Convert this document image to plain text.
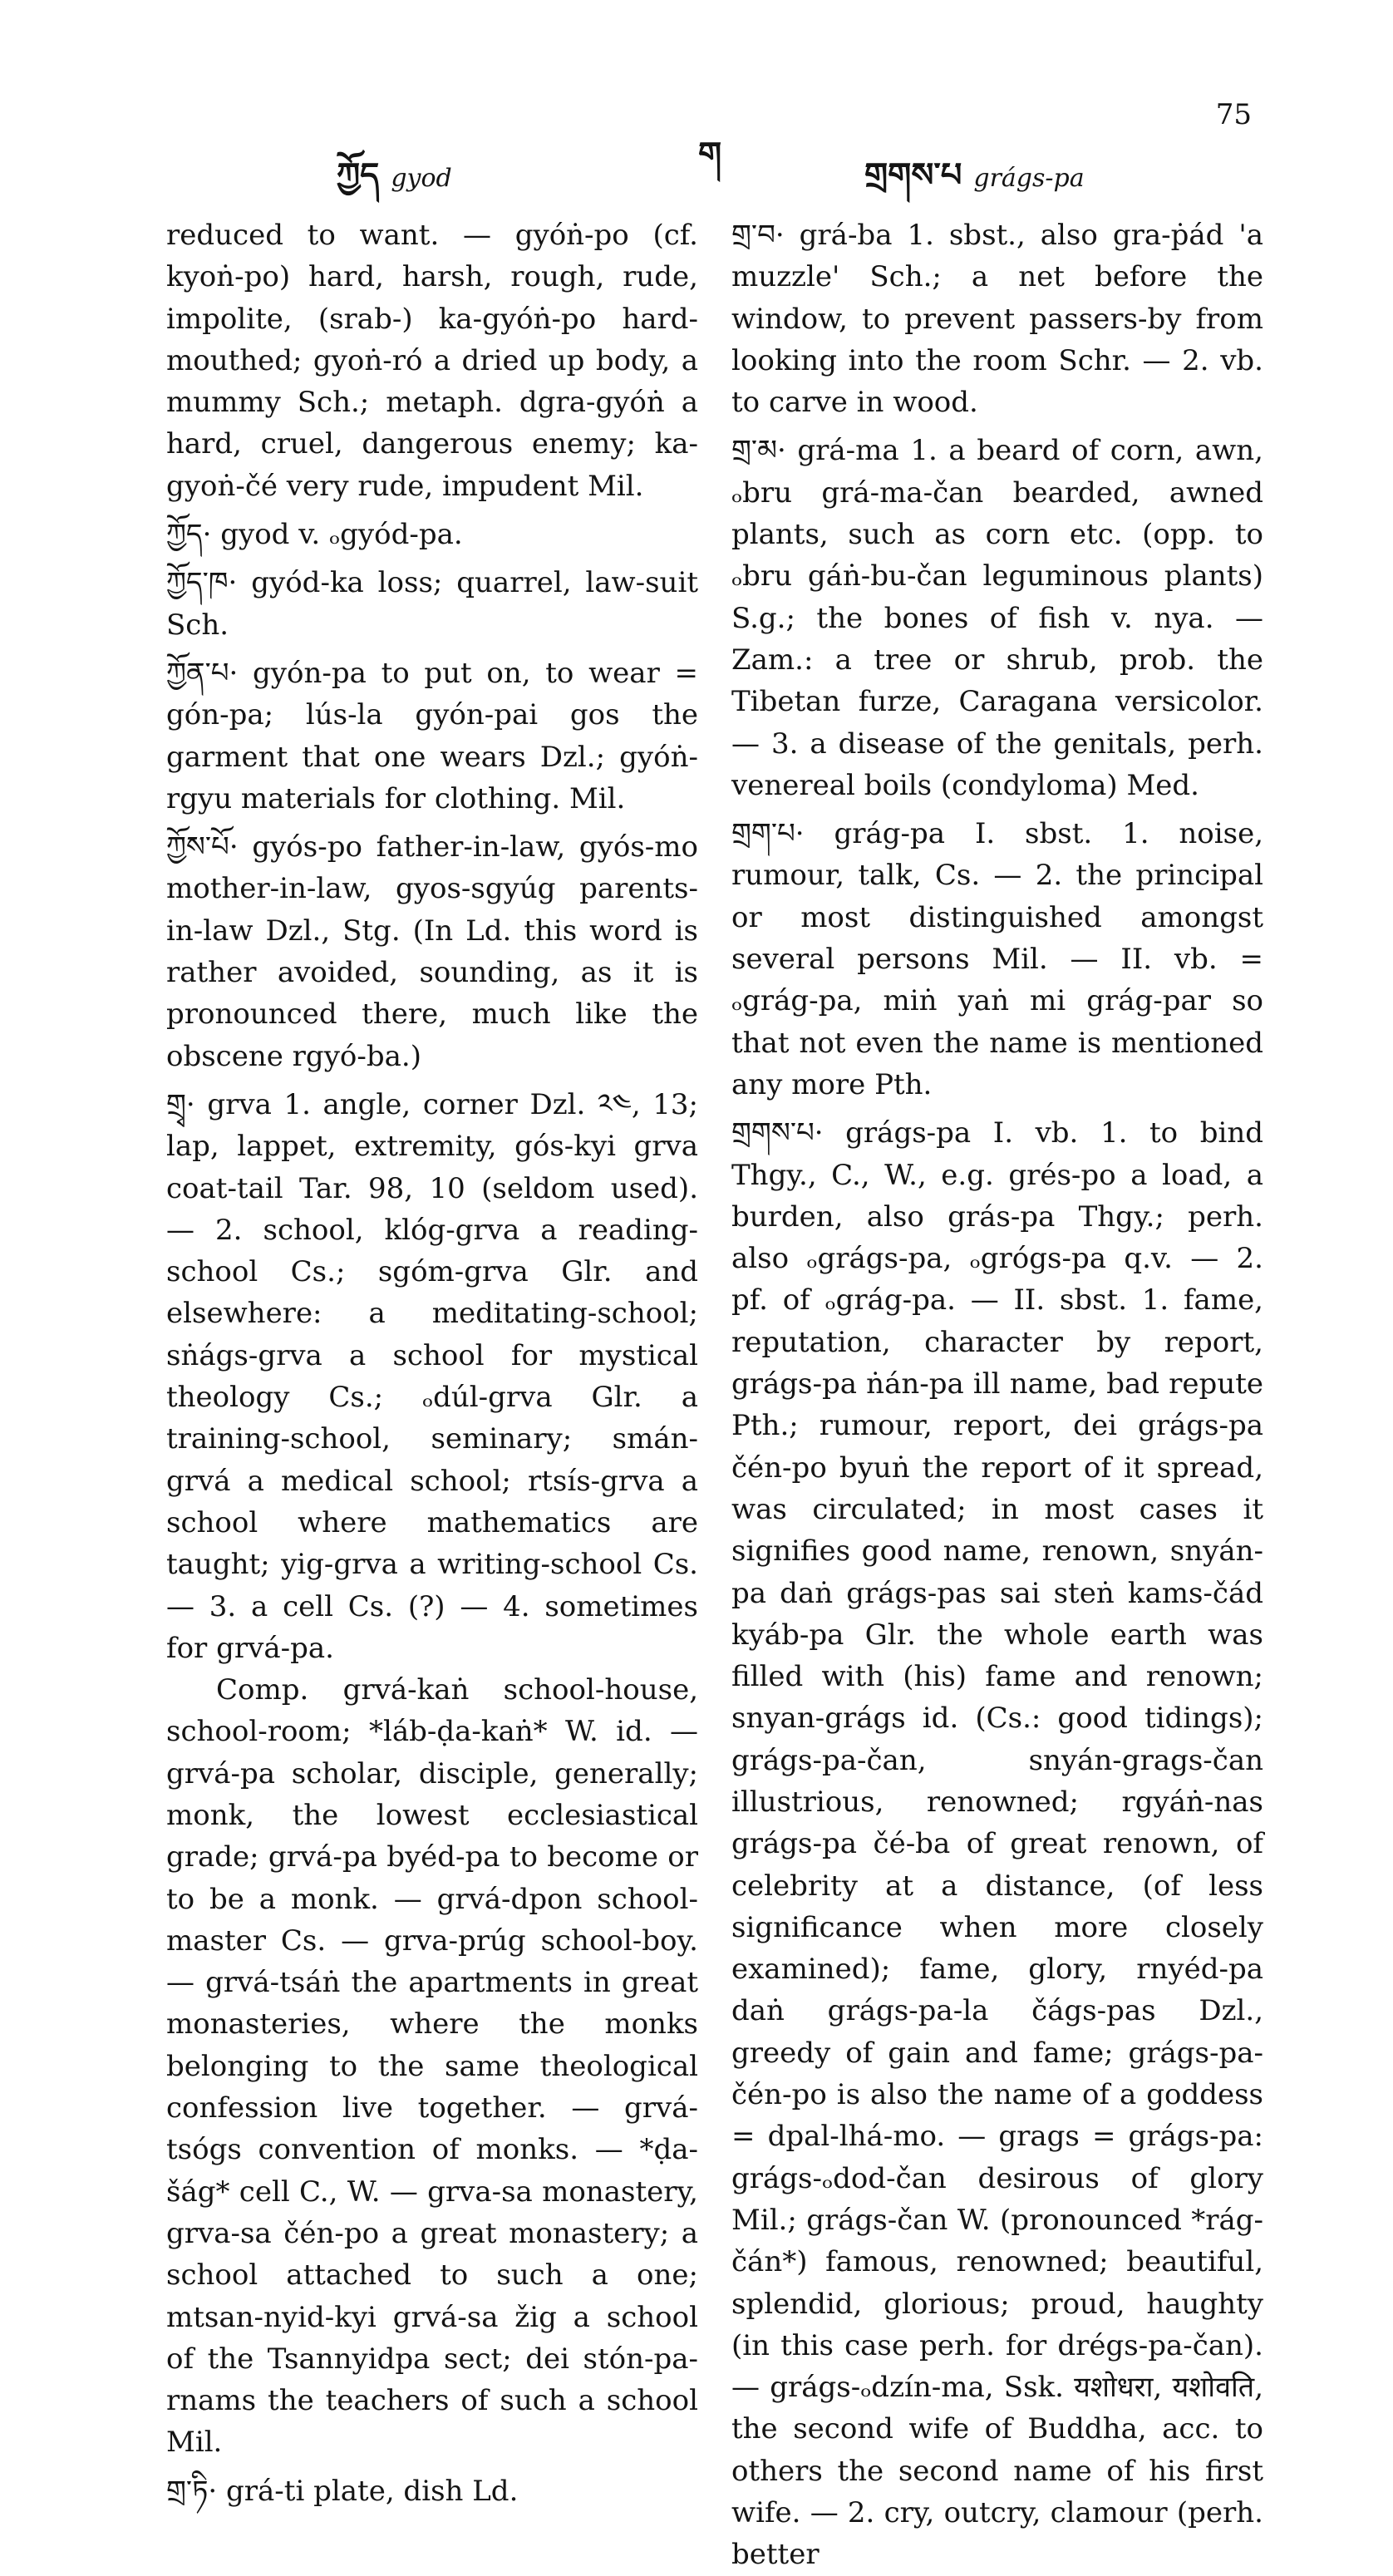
ཀྱོད gyod
ག
གྲགས་པ grágs-pa
75

reduced to want. — gyóṅ-po (cf. kyoṅ-po) hard, harsh, rough, rude, impolite, (srab-) ka-gyóṅ-po hard-mouthed; gyoṅ-ró a dried up body, a mummy Sch.; metaph. dgra-gyóṅ a hard, cruel, dangerous enemy; ka-gyoṅ-čé very rude, impudent Mil.

ཀྱོད· gyod v. ₒgyód-pa.

ཀྱོད་ཁ· gyód-ka loss; quarrel, law-suit Sch.

ཀྱོན་པ· gyón-pa to put on, to wear = gón-pa; lús-la gyón-pai gos the garment that one wears Dzl.; gyóṅ-rgyu materials for clothing. Mil.

ཀྱོས་པོ· gyós-po father-in-law, gyós-mo mother-in-law, gyos-sgyúg parents-in-law Dzl., Stg. (In Ld. this word is rather avoided, sounding, as it is pronounced there, much like the obscene rgyó-ba.)

གྲྭ· grva 1. angle, corner Dzl. ༢༤, 13; lap, lappet, extremity, gós-kyi grva coat-tail Tar. 98, 10 (seldom used). — 2. school, klóg-grva a reading-school Cs.; sgóm-grva Glr. and elsewhere: a meditating-school; sṅágs-grva a school for mystical theology Cs.; ₒdúl-grva Glr. a training-school, seminary; smán-grvá a medical school; rtsís-grva a school where mathematics are taught; yig-grva a writing-school Cs. — 3. a cell Cs. (?) — 4. sometimes for grvá-pa.

Comp. grvá-kaṅ school-house, school-room; *láb-ḍa-kaṅ* W. id. — grvá-pa scholar, disciple, generally; monk, the lowest ecclesiastical grade; grvá-pa byéd-pa to become or to be a monk. — grvá-dpon school-master Cs. — grva-prúg school-boy. — grvá-tsáṅ the apartments in great monasteries, where the monks belonging to the same theological confession live together. — grvá-tsógs convention of monks. — *ḍa-šág* cell C., W. — grva-sa monastery, grva-sa čén-po a great monastery; a school attached to such a one; mtsan-nyid-kyi grvá-sa žig a school of the Tsannyidpa sect; dei stón-pa-rnams the teachers of such a school Mil.

གྲ་ཏི· grá-ti plate, dish Ld.

གྲ་བ· grá-ba 1. sbst., also gra-ṗád 'a muzzle' Sch.; a net before the window, to prevent passers-by from looking into the room Schr. — 2. vb. to carve in wood.

གྲ་མ· grá-ma 1. a beard of corn, awn, ₒbru grá-ma-čan bearded, awned plants, such as corn etc. (opp. to ₒbru gáṅ-bu-čan leguminous plants) S.g.; the bones of fish v. nya. — Zam.: a tree or shrub, prob. the Tibetan furze, Caragana versicolor. — 3. a disease of the genitals, perh. venereal boils (condyloma) Med.

གྲག་པ· grág-pa I. sbst. 1. noise, rumour, talk, Cs. — 2. the principal or most distinguished amongst several persons Mil. — II. vb. = ₒgrág-pa, miṅ yaṅ mi grág-par so that not even the name is mentioned any more Pth.

གྲགས་པ· grágs-pa I. vb. 1. to bind Thgy., C., W., e.g. grés-po a load, a burden, also grás-pa Thgy.; perh. also ₒgrágs-pa, ₒgrógs-pa q.v. — 2. pf. of ₒgrág-pa. — II. sbst. 1. fame, reputation, character by report, grágs-pa ṅán-pa ill name, bad repute Pth.; rumour, report, dei grágs-pa čén-po byuṅ the report of it spread, was circulated; in most cases it signifies good name, renown, snyán-pa daṅ grágs-pas sai steṅ kams-čád kyáb-pa Glr. the whole earth was filled with (his) fame and renown; snyan-grágs id. (Cs.: good tidings); grágs-pa-čan, snyán-grags-čan illustrious, renowned; rgyáṅ-nas grágs-pa čé-ba of great renown, of celebrity at a distance, (of less significance when more closely examined); fame, glory, rnyéd-pa daṅ grágs-pa-la čágs-pas Dzl., greedy of gain and fame; grágs-pa-čén-po is also the name of a goddess = dpal-lhá-mo. — grags = grágs-pa: grágs-ₒdod-čan desirous of glory Mil.; grágs-čan W. (pronounced *rág-čán*) famous, renowned; beautiful, splendid, glorious; proud, haughty (in this case perh. for drégs-pa-čan). — grágs-ₒdzín-ma, Ssk. यशोधरा, यशोवति, the second wife of Buddha, acc. to others the second name of his first wife. — 2. cry, outcry, clamour (perh. better
